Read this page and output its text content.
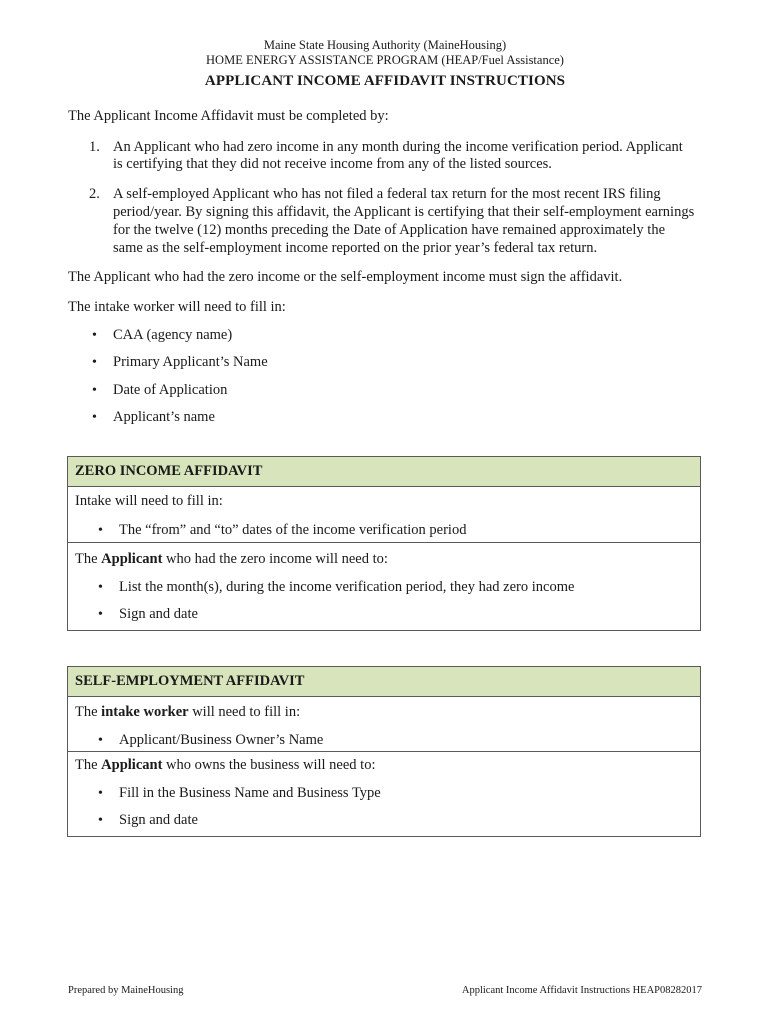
Maine State Housing Authority (MaineHousing)
HOME ENERGY ASSISTANCE PROGRAM (HEAP/Fuel Assistance)
APPLICANT INCOME AFFIDAVIT INSTRUCTIONS
The Applicant Income Affidavit must be completed by:
1. An Applicant who had zero income in any month during the income verification period. Applicant
is certifying that they did not receive income from any of the listed sources.
2. A self-employed Applicant who has not filed a federal tax return for the most recent IRS filing
period/year. By signing this affidavit, the Applicant is certifying that their self-employment earnings
for the twelve (12) months preceding the Date of Application have remained approximately the
same as the self-employment income reported on the prior year’s federal tax return.
The Applicant who had the zero income or the self-employment income must sign the affidavit.
The intake worker will need to fill in:
• CAA (agency name)
• Primary Applicant’s Name
• Date of Application
• Applicant’s name
ZERO INCOME AFFIDAVIT
Intake will need to fill in:
• The “from” and “to” dates of the income verification period
The Applicant who had the zero income will need to:
• List the month(s), during the income verification period, they had zero income
• Sign and date
SELF-EMPLOYMENT AFFIDAVIT
The intake worker will need to fill in:
• Applicant/Business Owner’s Name
The Applicant who owns the business will need to:
• Fill in the Business Name and Business Type
• Sign and date
Prepared by MaineHousing	Applicant Income Affidavit Instructions HEAP08282017
